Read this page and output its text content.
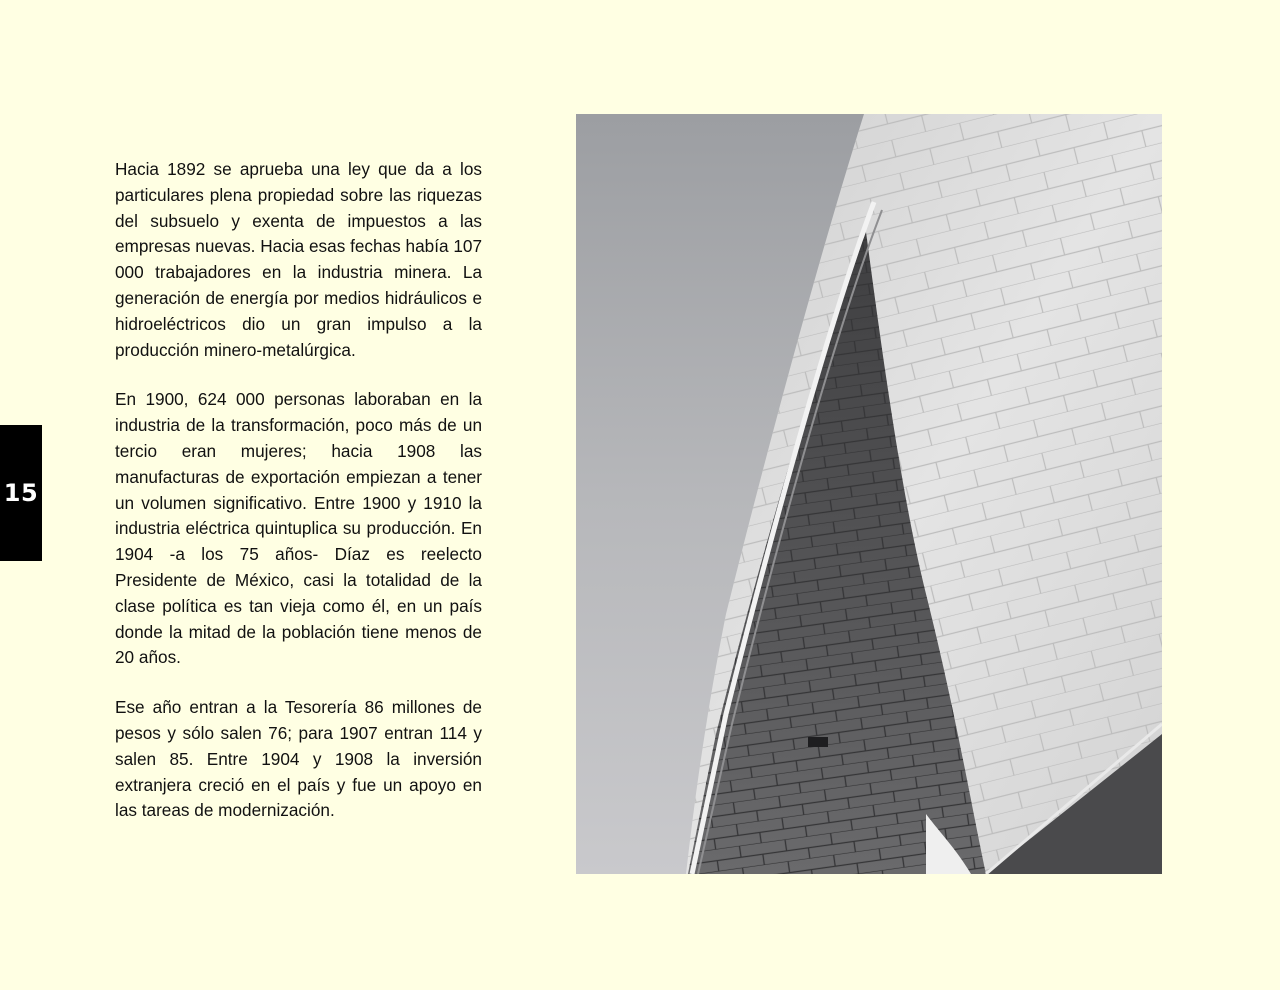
15

Hacia 1892 se aprueba una ley que da a los particulares plena propiedad sobre las riquezas del subsuelo y exenta de impuestos a las empresas nuevas. Hacia esas fechas había 107 000 trabajadores en la industria minera. La generación de energía por medios hidráulicos e hidroeléctricos dio un gran impulso a la producción minero-metalúrgica.

En 1900, 624 000 personas laboraban en la industria de la transformación, poco más de un tercio eran mujeres; hacia 1908 las manufacturas de exportación empiezan a tener un volumen significativo. Entre 1900 y 1910 la industria eléctrica quintuplica su producción. En 1904 -a los 75 años- Díaz es reelecto Presidente de México, casi la totalidad de la clase política es tan vieja como él, en un país donde la mitad de la población tiene menos de 20 años.

Ese año entran a la Tesorería 86 millones de pesos y sólo salen 76; para 1907 entran 114 y salen 85. Entre 1904 y 1908 la inversión extranjera creció en el país y fue un apoyo en las tareas de modernización.
